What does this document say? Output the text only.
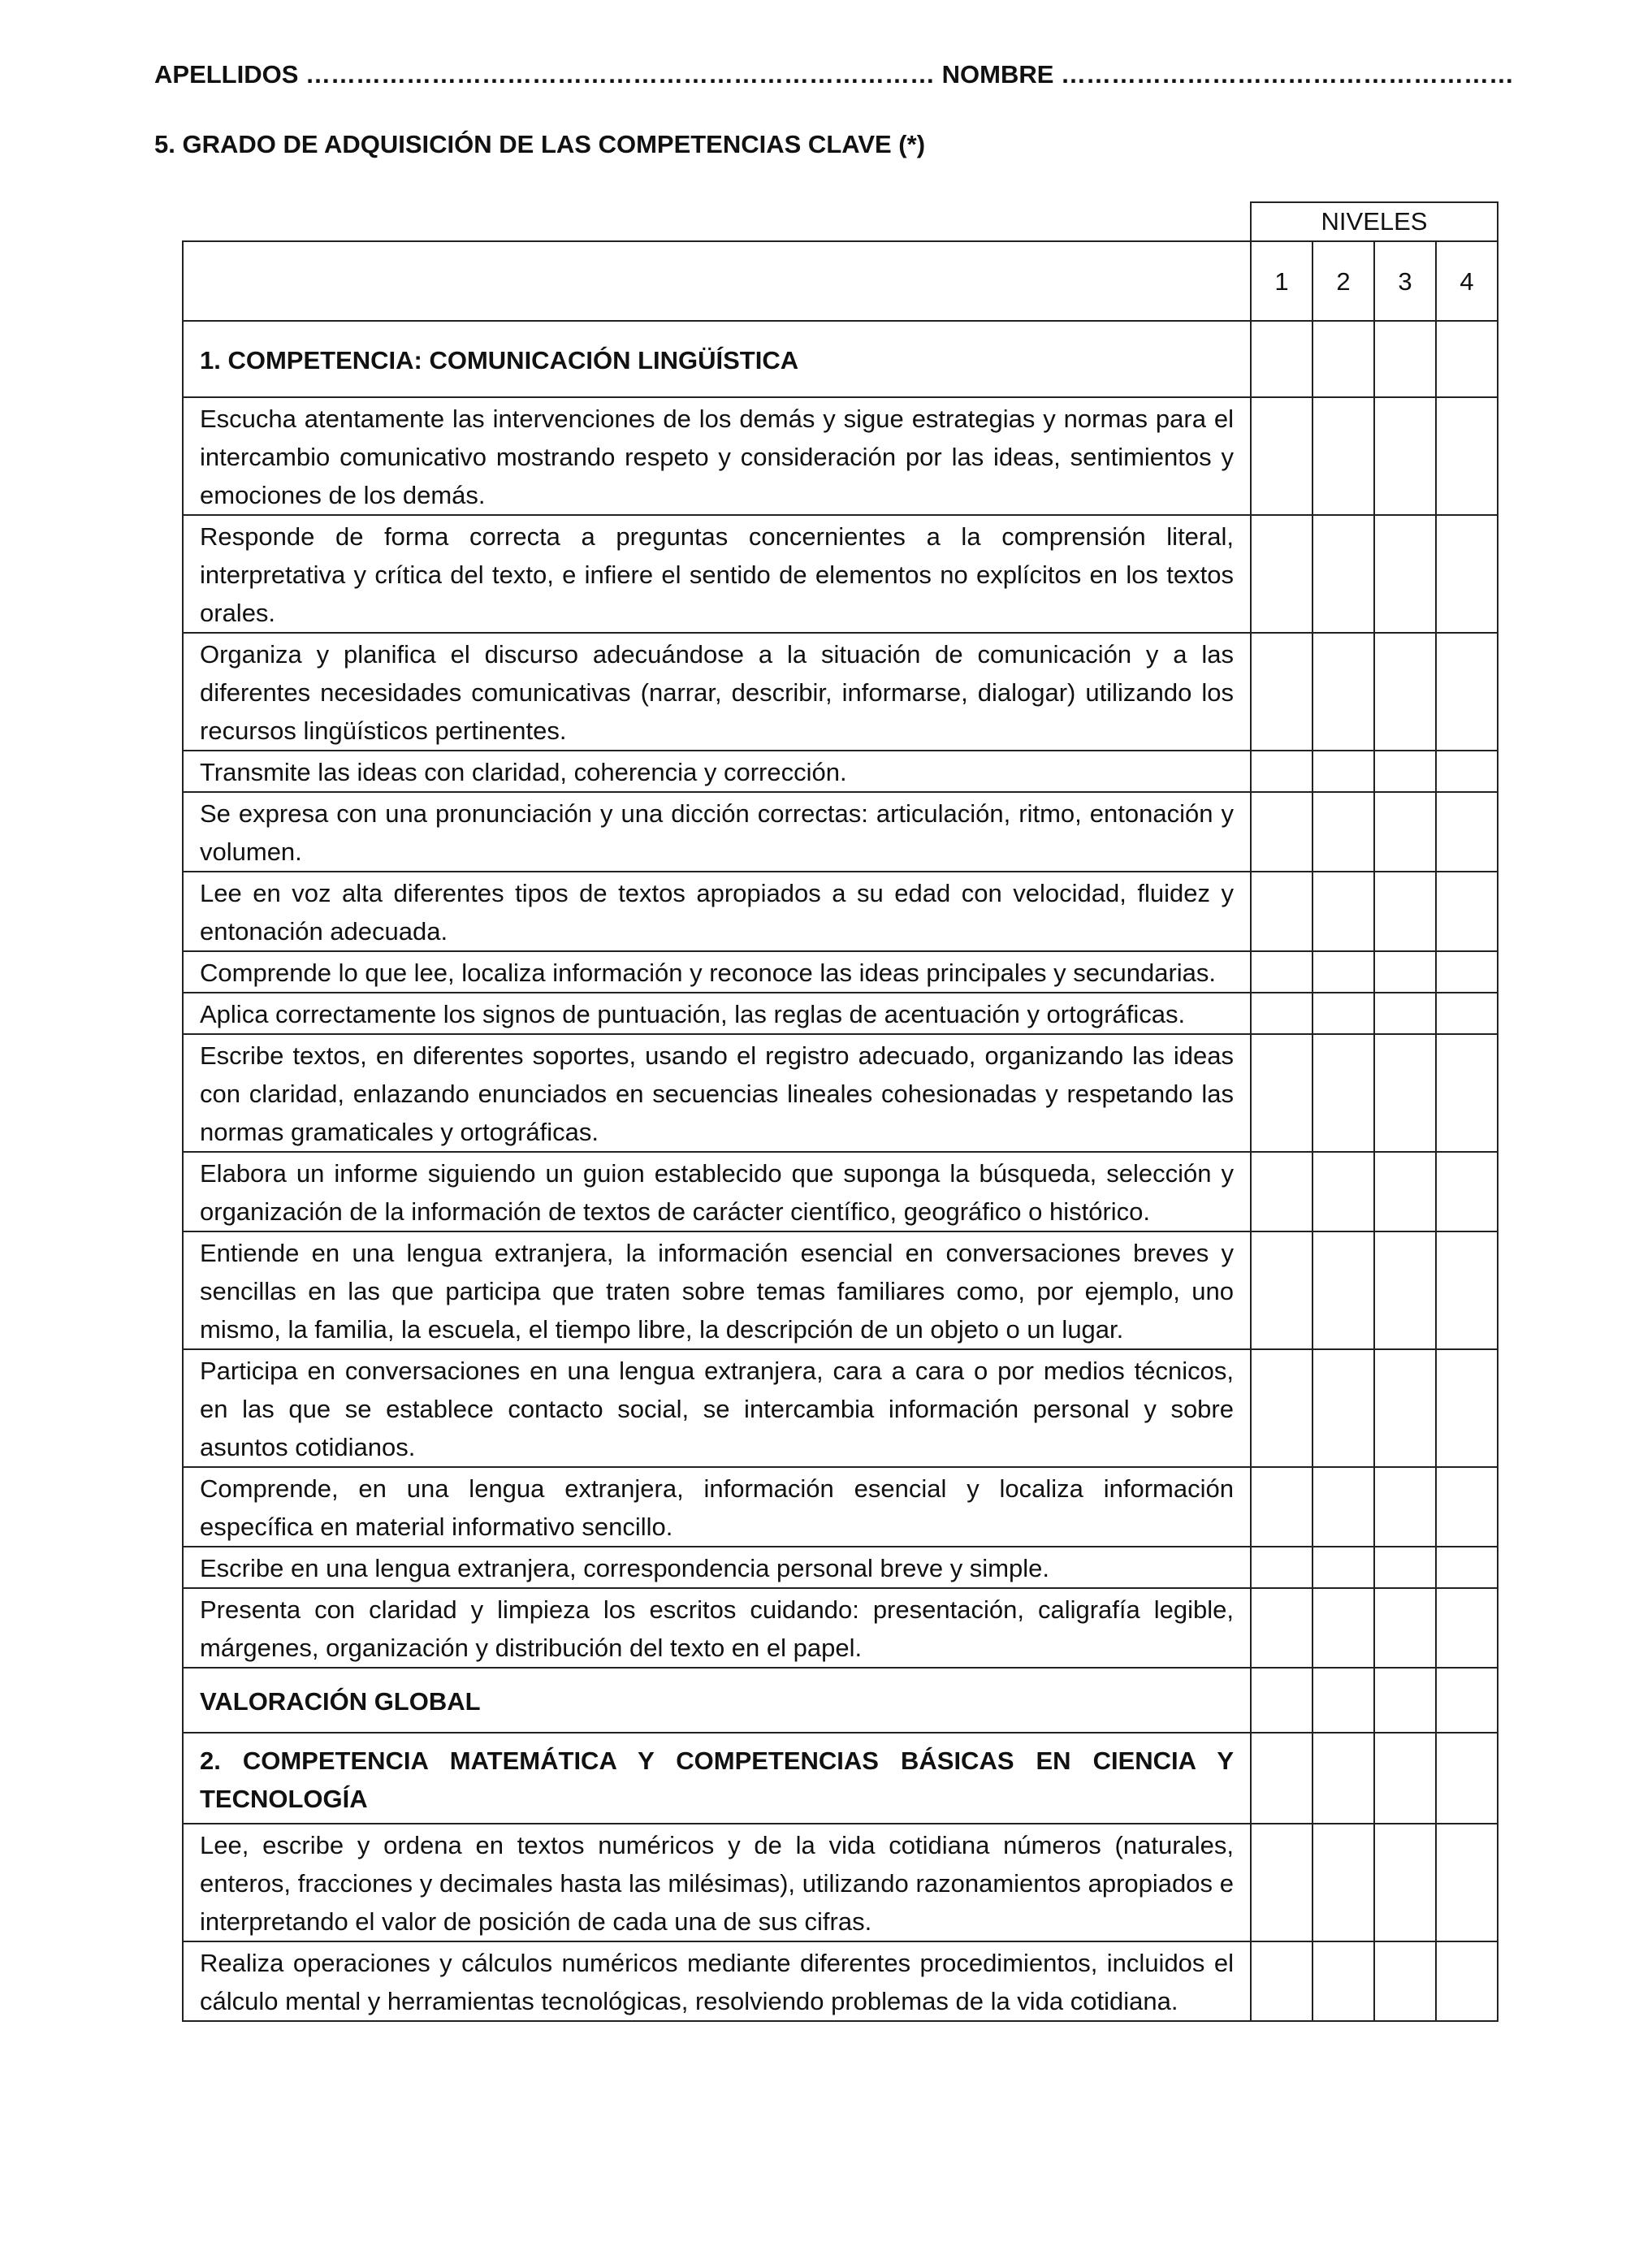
APELLIDOS ………………………………………………………………… NOMBRE ………………………………………………
5. GRADO DE ADQUISICIÓN DE LAS COMPETENCIAS CLAVE (*)
	NIVELES			
	1	2	3	4
1. COMPETENCIA: COMUNICACIÓN LINGÜÍSTICA				
Escucha atentamente las intervenciones de los demás y sigue estrategias y normas para el intercambio comunicativo mostrando respeto y consideración por las ideas, sentimientos y emociones de los demás.				
Responde de forma correcta a preguntas concernientes a la comprensión literal, interpretativa y crítica del texto, e infiere el sentido de elementos no explícitos en los textos orales.				
Organiza y planifica el discurso adecuándose a la situación de comunicación y a las diferentes necesidades comunicativas (narrar, describir, informarse, dialogar) utilizando los recursos lingüísticos pertinentes.				
Transmite las ideas con claridad, coherencia y corrección.				
Se expresa con una pronunciación y una dicción correctas: articulación, ritmo, entonación y volumen.				
Lee en voz alta diferentes tipos de textos apropiados a su edad con velocidad, fluidez y entonación adecuada.				
Comprende lo que lee, localiza información y reconoce las ideas principales y secundarias.				
Aplica correctamente los signos de puntuación, las reglas de acentuación y ortográficas.				
Escribe textos, en diferentes soportes, usando el registro adecuado, organizando las ideas con claridad, enlazando enunciados en secuencias lineales cohesionadas y respetando las normas gramaticales y ortográficas.				
Elabora un informe siguiendo un guion establecido que suponga la búsqueda, selección y organización de la información de textos de carácter científico, geográfico o histórico.				
Entiende en una lengua extranjera, la información esencial en conversaciones breves y sencillas en las que participa que traten sobre temas familiares como, por ejemplo, uno mismo, la familia, la escuela, el tiempo libre, la descripción de un objeto o un lugar.				
Participa en conversaciones en una lengua extranjera, cara a cara o por medios técnicos, en las que se establece contacto social, se intercambia información personal y sobre asuntos cotidianos.				
Comprende, en una lengua extranjera, información esencial y localiza información específica en material informativo sencillo.				
Escribe en una lengua extranjera, correspondencia personal breve y simple.				
Presenta con claridad y limpieza los escritos cuidando: presentación, caligrafía legible, márgenes, organización y distribución del texto en el papel.				
VALORACIÓN GLOBAL				
2. COMPETENCIA MATEMÁTICA Y COMPETENCIAS BÁSICAS EN CIENCIA Y TECNOLOGÍA				
Lee, escribe y ordena en textos numéricos y de la vida cotidiana números (naturales, enteros, fracciones y decimales hasta las milésimas), utilizando razonamientos apropiados e interpretando el valor de posición de cada una de sus cifras.				
Realiza operaciones y cálculos numéricos mediante diferentes procedimientos, incluidos el cálculo mental y herramientas tecnológicas, resolviendo problemas de la vida cotidiana.				
